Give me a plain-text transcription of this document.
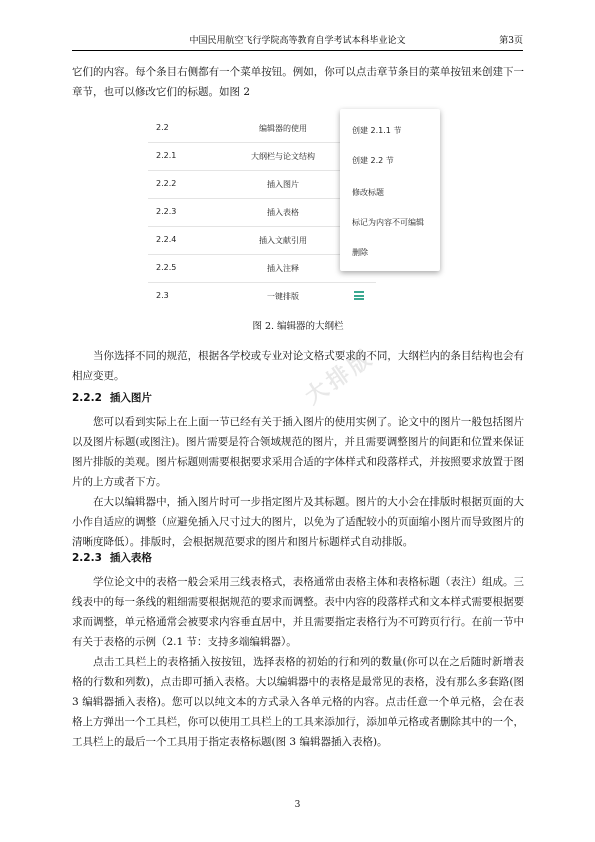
中国民用航空飞行学院高等教育自学考试本科毕业论文	第3页

它们的内容。每个条目右侧都有一个菜单按钮。例如，你可以点击章节条目的菜单按钮来创建下一章节，也可以修改它们的标题。如图 2

2.2	编辑器的使用
2.2.1	大纲栏与论文结构
2.2.2	插入图片
2.2.3	插入表格
2.2.4	插入文献引用
2.2.5	插入注释
2.3	一键排版
创建 2.1.1 节
创建 2.2 节
修改标题
标记为内容不可编辑
删除
图 2. 编辑器的大纲栏
大排版

当你选择不同的规范，根据各学校或专业对论文格式要求的不同，大纲栏内的条目结构也会有相应变更。

2.2.2 插入图片

您可以看到实际上在上面一节已经有关于插入图片的使用实例了。论文中的图片一般包括图片以及图片标题(或图注)。图片需要是符合领域规范的图片，并且需要调整图片的间距和位置来保证图片排版的美观。图片标题则需要根据要求采用合适的字体样式和段落样式，并按照要求放置于图片的上方或者下方。

在大以编辑器中，插入图片时可一步指定图片及其标题。图片的大小会在排版时根据页面的大小作自适应的调整（应避免插入尺寸过大的图片，以免为了适配较小的页面缩小图片而导致图片的清晰度降低）。排版时，会根据规范要求的图片和图片标题样式自动排版。

2.2.3 插入表格

学位论文中的表格一般会采用三线表格式，表格通常由表格主体和表格标题（表注）组成。三线表中的每一条线的粗细需要根据规范的要求而调整。表中内容的段落样式和文本样式需要根据要求而调整，单元格通常会被要求内容垂直居中，并且需要指定表格行为不可跨页行行。在前一节中有关于表格的示例（2.1 节：支持多端编辑器）。

点击工具栏上的表格插入按按钮，选择表格的初始的行和列的数量(你可以在之后随时新增表格的行数和列数)，点击即可插入表格。大以编辑器中的表格是最常见的表格，没有那么多套路(图 3 编辑器插入表格)。您可以以纯文本的方式录入各单元格的内容。点击任意一个单元格，会在表格上方弹出一个工具栏，你可以使用工具栏上的工具来添加行，添加单元格或者删除其中的一个，工具栏上的最后一个工具用于指定表格标题(图 3 编辑器插入表格)。

3
